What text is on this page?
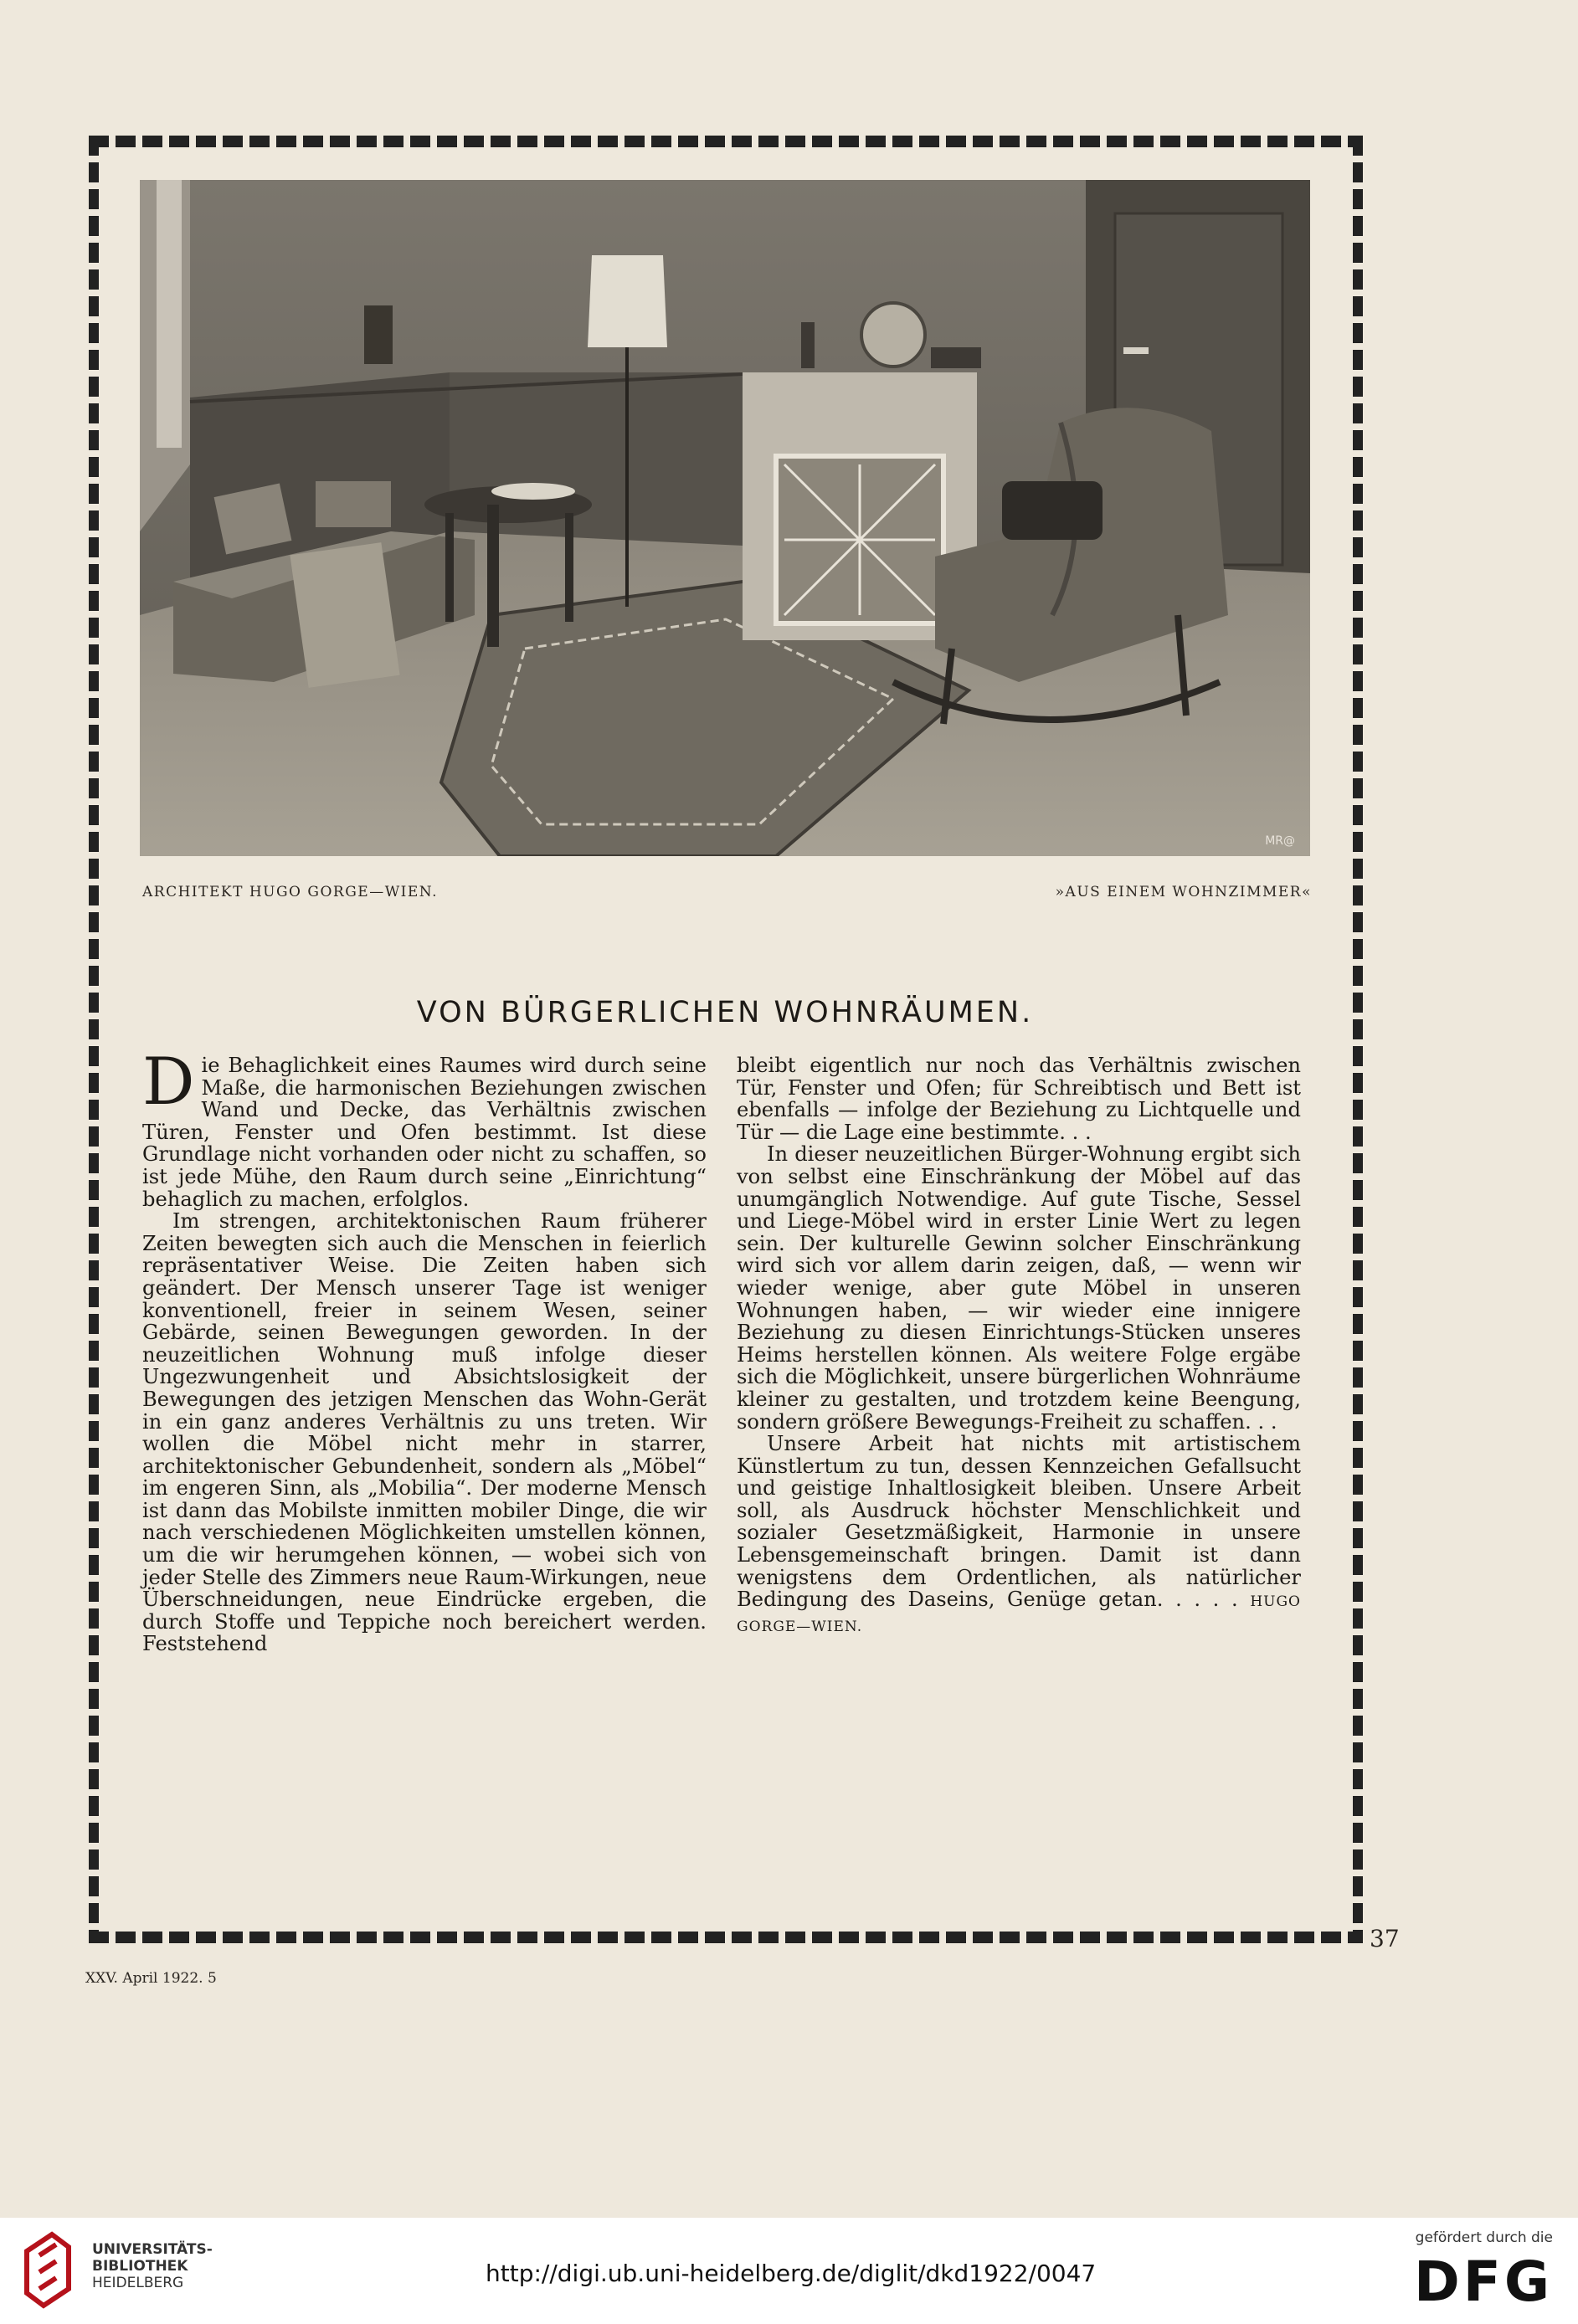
MR@
ARCHITEKT HUGO GORGE—WIEN.	»AUS EINEM WOHNZIMMER«
VON BÜRGERLICHEN WOHNRÄUMEN.

Die Behaglichkeit eines Raumes wird durch seine Maße, die harmonischen Beziehungen zwischen Wand und Decke, das Verhältnis zwischen Türen, Fenster und Ofen bestimmt. Ist diese Grundlage nicht vorhanden oder nicht zu schaffen, so ist jede Mühe, den Raum durch seine „Einrichtung“ behaglich zu machen, erfolglos.

Im strengen, architektonischen Raum früherer Zeiten bewegten sich auch die Menschen in feierlich repräsentativer Weise. Die Zeiten haben sich geändert. Der Mensch unserer Tage ist weniger konventionell, freier in seinem Wesen, seiner Gebärde, seinen Bewegungen geworden. In der neuzeitlichen Wohnung muß infolge dieser Ungezwungenheit und Absichtslosigkeit der Bewegungen des jetzigen Menschen das Wohn-Gerät in ein ganz anderes Verhältnis zu uns treten. Wir wollen die Möbel nicht mehr in starrer, architektonischer Gebundenheit, sondern als „Möbel“ im engeren Sinn, als „Mobilia“. Der moderne Mensch ist dann das Mobilste inmitten mobiler Dinge, die wir nach verschiedenen Möglichkeiten umstellen können, um die wir herumgehen können, — wobei sich von jeder Stelle des Zimmers neue Raum-Wirkungen, neue Überschneidungen, neue Eindrücke ergeben, die durch Stoffe und Teppiche noch bereichert werden. Feststehend

bleibt eigentlich nur noch das Verhältnis zwischen Tür, Fenster und Ofen; für Schreibtisch und Bett ist ebenfalls — infolge der Beziehung zu Lichtquelle und Tür — die Lage eine bestimmte. . .

In dieser neuzeitlichen Bürger-Wohnung ergibt sich von selbst eine Einschränkung der Möbel auf das unumgänglich Notwendige. Auf gute Tische, Sessel und Liege-Möbel wird in erster Linie Wert zu legen sein. Der kulturelle Gewinn solcher Einschränkung wird sich vor allem darin zeigen, daß, — wenn wir wieder wenige, aber gute Möbel in unseren Wohnungen haben, — wir wieder eine innigere Beziehung zu diesen Einrichtungs-Stücken unseres Heims herstellen können. Als weitere Folge ergäbe sich die Möglichkeit, unsere bürgerlichen Wohnräume kleiner zu gestalten, und trotzdem keine Beengung, sondern größere Bewegungs-Freiheit zu schaffen. . .

Unsere Arbeit hat nichts mit artistischem Künstlertum zu tun, dessen Kennzeichen Gefallsucht und geistige Inhaltlosigkeit bleiben. Unsere Arbeit soll, als Ausdruck höchster Menschlichkeit und sozialer Gesetzmäßigkeit, Harmonie in unsere Lebensgemeinschaft bringen. Damit ist dann wenigstens dem Ordentlichen, als natürlicher Bedingung des Daseins, Genüge getan. . . . . HUGO GORGE—WIEN.

37
XXV. April 1922. 5
UNIVERSITÄTS-
BIBLIOTHEK
HEIDELBERG	http://digi.ub.uni-heidelberg.de/diglit/dkd1922/0047
gefördert durch die
DFG
